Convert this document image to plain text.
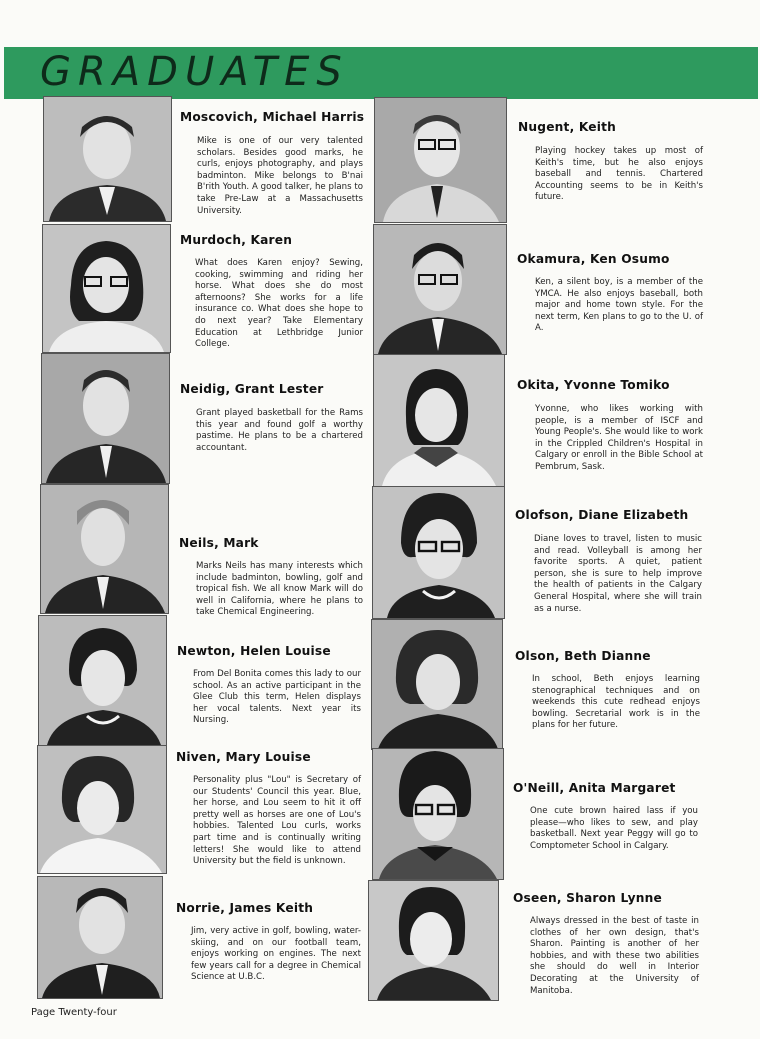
GRADUATES
Moscovich, Michael Harris
Mike is one of our very talented scholars. Besides good marks, he curls, enjoys photography, and plays badminton. Mike belongs to B'nai B'rith Youth. A good talker, he plans to take Pre-Law at a Massachusetts University.
Nugent, Keith
Playing hockey takes up most of Keith's time, but he also enjoys baseball and tennis. Chartered Accounting seems to be in Keith's future.
Murdoch, Karen
What does Karen enjoy? Sewing, cooking, swimming and riding her horse. What does she do most afternoons? She works for a life insurance co. What does she hope to do next year? Take Elementary Education at Lethbridge Junior College.
Okamura, Ken Osumo
Ken, a silent boy, is a member of the YMCA. He also enjoys baseball, both major and home town style. For the next term, Ken plans to go to the U. of A.
Neidig, Grant Lester
Grant played basketball for the Rams this year and found golf a worthy pastime. He plans to be a chartered accountant.
Okita, Yvonne Tomiko
Yvonne, who likes working with people, is a member of ISCF and Young People's. She would like to work in the Crippled Children's Hospital in Calgary or enroll in the Bible School at Pembrum, Sask.
Neils, Mark
Marks Neils has many interests which include badminton, bowling, golf and tropical fish. We all know Mark will do well in California, where he plans to take Chemical Engineering.
Olofson, Diane Elizabeth
Diane loves to travel, listen to music and read. Volleyball is among her favorite sports. A quiet, patient person, she is sure to help improve the health of patients in the Calgary General Hospital, where she will train as a nurse.
Newton, Helen Louise
From Del Bonita comes this lady to our school. As an active participant in the Glee Club this term, Helen displays her vocal talents. Next year its Nursing.
Olson, Beth Dianne
In school, Beth enjoys learning stenographical techniques and on weekends this cute redhead enjoys bowling. Secretarial work is in the plans for her future.
Niven, Mary Louise
Personality plus "Lou" is Secretary of our Students' Council this year. Blue, her horse, and Lou seem to hit it off pretty well as horses are one of Lou's hobbies. Talented Lou curls, works part time and is continually writing letters! She would like to attend University but the field is unknown.
O'Neill, Anita Margaret
One cute brown haired lass if you please—who likes to sew, and play basketball. Next year Peggy will go to Comptometer School in Calgary.
Norrie, James Keith
Jim, very active in golf, bowling, water-skiing, and on our football team, enjoys working on engines. The next few years call for a degree in Chemical Science at U.B.C.
Oseen, Sharon Lynne
Always dressed in the best of taste in clothes of her own design, that's Sharon. Painting is another of her hobbies, and with these two abilities she should do well in Interior Decorating at the University of Manitoba.
Page Twenty-four
